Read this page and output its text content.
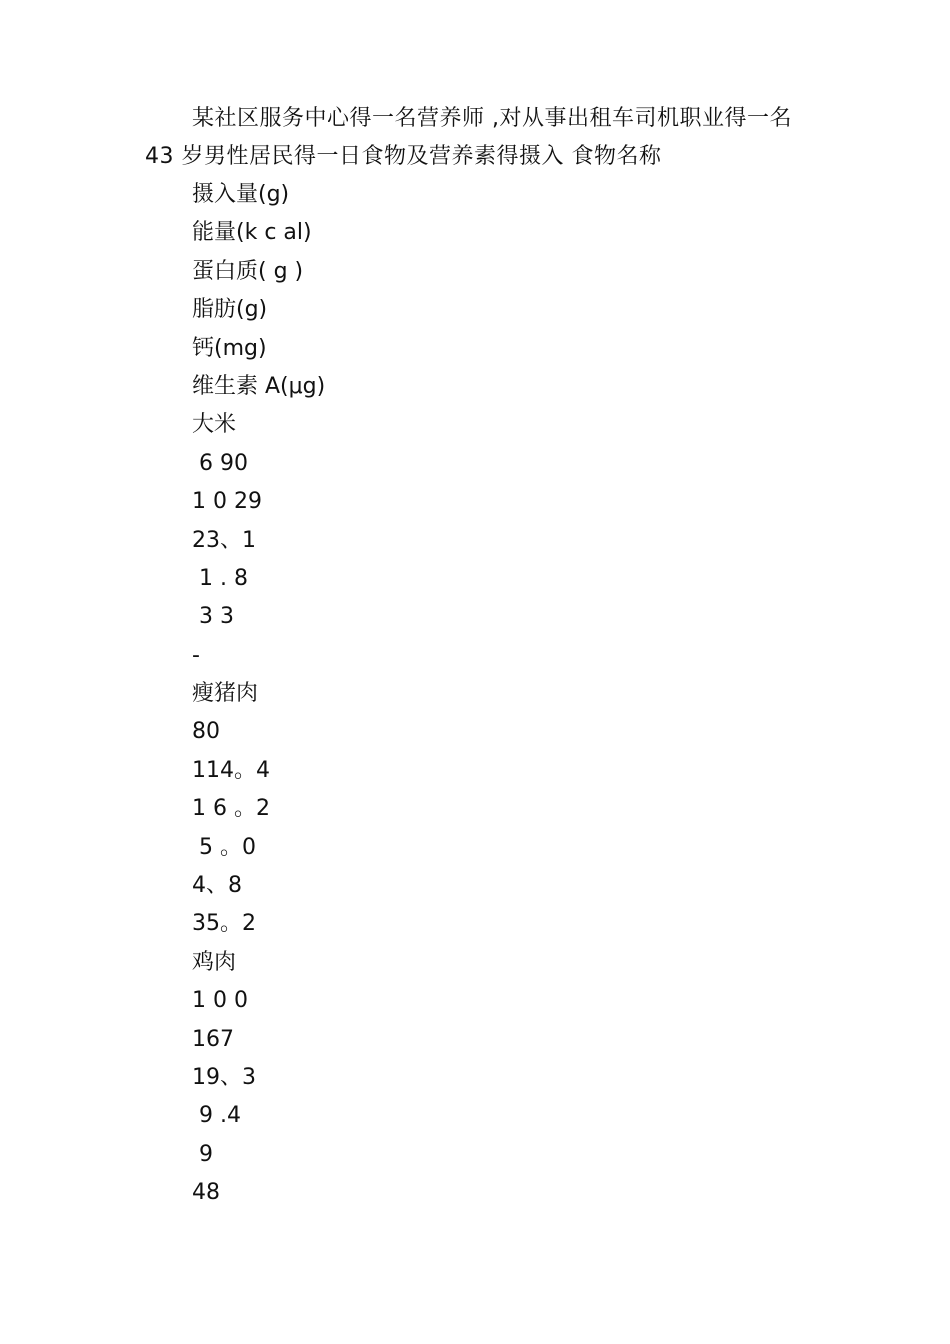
某社区服务中心得一名营养师 ,对从事出租车司机职业得一名 43 岁男性居民得一日食物及营养素得摄入 食物名称

摄入量(g)
能量(k c al)
蛋白质( g )
脂肪(g)
钙(mg)
维生素 A(μg)
大米
6 90
1 0 29
23、1
1 . 8
3 3
-
瘦猪肉
80
114。4
1 6 。2
5 。0
4、8
35。2
鸡肉
1 0 0
167
19、3
9 .4
9
48
